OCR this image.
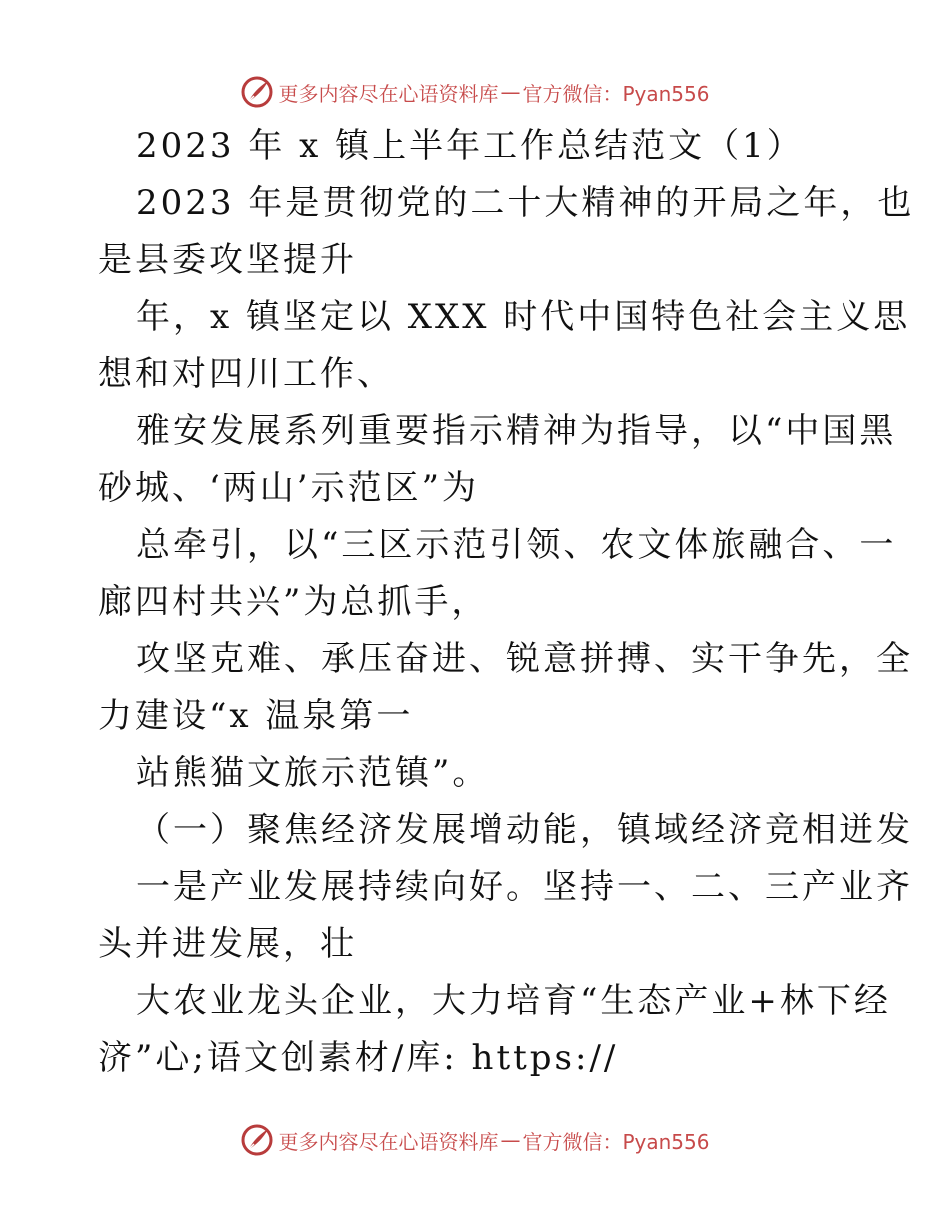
更多内容尽在心语资料库 — 官方微信：Pyan556
2023 年 x 镇上半年工作总结范文（1）
2023 年是贯彻党的二十大精神的开局之年，也
是县委攻坚提升
年，x 镇坚定以 XXX 时代中国特色社会主义思
想和对四川工作、
雅安发展系列重要指示精神为指导，以“中国黑
砂城、‘两山’示范区”为
总牵引，以“三区示范引领、农文体旅融合、一
廊四村共兴”为总抓手，
攻坚克难、承压奋进、锐意拼搏、实干争先，全
力建设“x 温泉第一
站熊猫文旅示范镇”。
（一）聚焦经济发展增动能，镇域经济竞相迸发
一是产业发展持续向好。坚持一、二、三产业齐
头并进发展，壮
大农业龙头企业，大力培育“生态产业+林下经
济”心;语文创素材/库: https://
更多内容尽在心语资料库 — 官方微信：Pyan556
